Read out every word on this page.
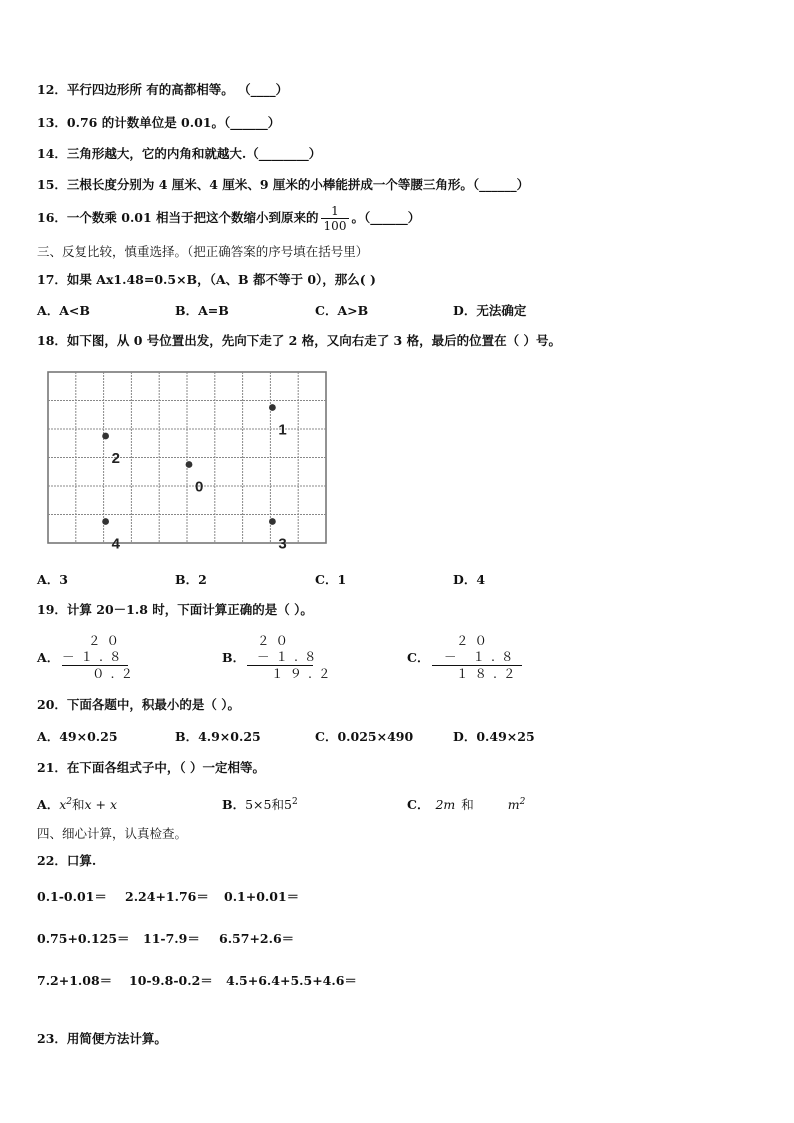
12．平行四边形所 有的高都相等。 （____）
13．0.76 的计数单位是 0.01。（______）
14．三角形越大，它的内角和就越大.（________）
15．三根长度分别为 4 厘米、4 厘米、9 厘米的小棒能拼成一个等腰三角形。（______）
16．一个数乘 0.01 相当于把这个数缩小到原来的 $\frac{1}{100}$ 。（______）
三、反复比较，慎重选择。（把正确答案的序号填在括号里）
17．如果 Ax1.48=0.5×B，（A、B 都不等于 0），那么( )
A．A<B	B．A=B	C．A>B	D．无法确定
18．如下图，从 0 号位置出发，先向下走了 2 格，又向右走了 3 格，最后的位置在（ ）号。
0
1
2
3
4
A．3	B．2	C．1	D．4
19．计算 20－1.8 时，下面计算正确的是（ ）。
A．
２０
－１.８
０.２
B．
２０
－１.８
１９.２
C．
２０
－ １.８
１８.２
20．下面各题中，积最小的是（ ）。
A．49×0.25	B．4.9×0.25	C．0.025×490	D．0.49×25
21．在下面各组式子中，（ ）一定相等。
A．$x^2$和x + x	B．5×5和$5^2$	C． 2m 和	$m^2$
四、细心计算，认真检查。
22．口算.
0.1-0.01＝ 2.24+1.76＝ 0.1+0.01＝
0.75+0.125＝ 11-7.9＝ 6.57+2.6＝
7.2+1.08＝ 10-9.8-0.2＝ 4.5+6.4+5.5+4.6＝
23．用简便方法计算。
